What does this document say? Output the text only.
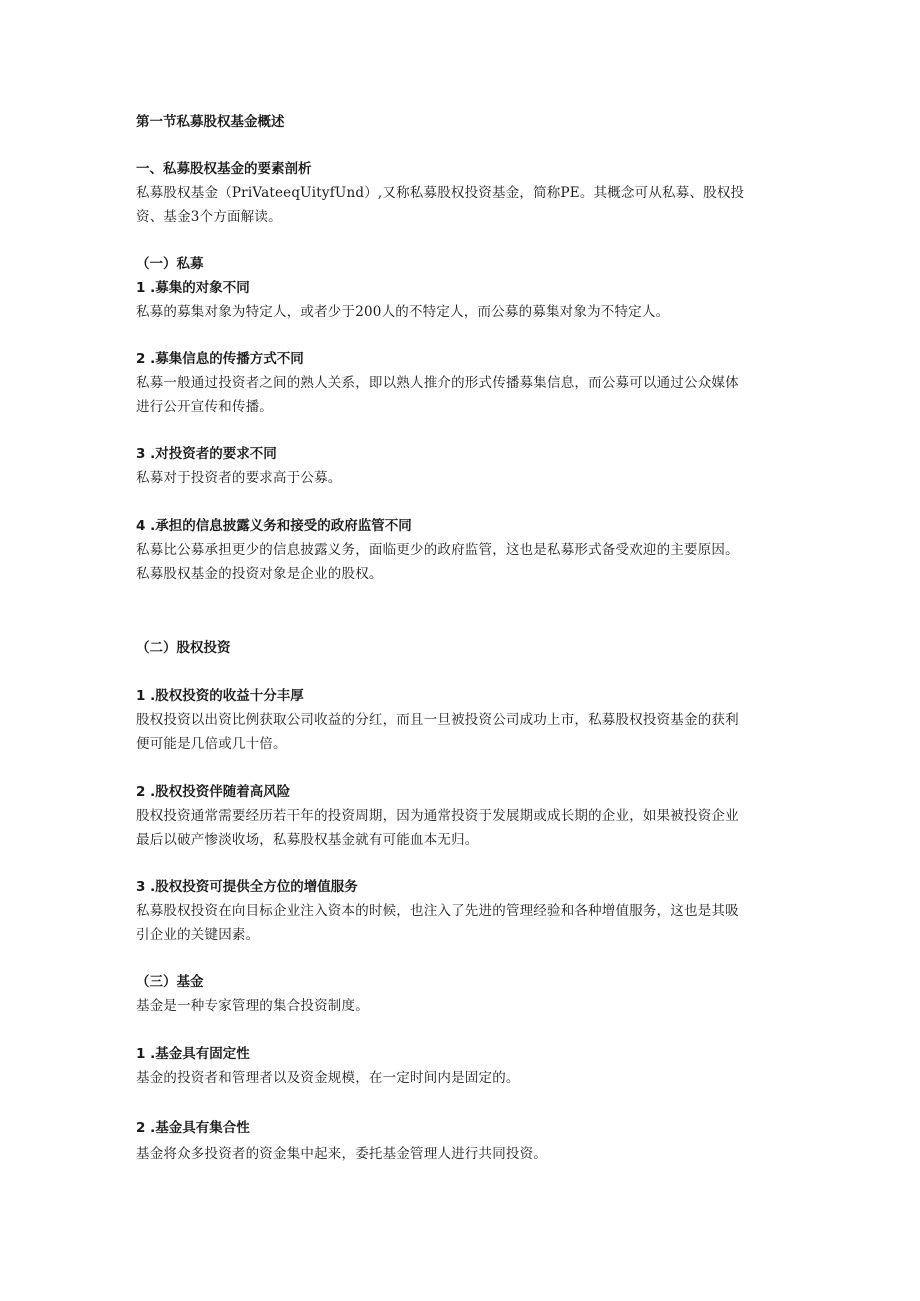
第一节私募股权基金概述
一、私募股权基金的要素剖析
私募股权基金（PriVateeqUityfUnd）,又称私募股权投资基金，简称PE。其概念可从私募、股权投
资、基金3个方面解读。
（一）私募
1 .募集的对象不同
私募的募集对象为特定人，或者少于200人的不特定人，而公募的募集对象为不特定人。
2 .募集信息的传播方式不同
私募一般通过投资者之间的熟人关系，即以熟人推介的形式传播募集信息，而公募可以通过公众媒体
进行公开宣传和传播。
3 .对投资者的要求不同
私募对于投资者的要求高于公募。
4 .承担的信息披露义务和接受的政府监管不同
私募比公募承担更少的信息披露义务，面临更少的政府监管，这也是私募形式备受欢迎的主要原因。
私募股权基金的投资对象是企业的股权。
（二）股权投资
1 .股权投资的收益十分丰厚
股权投资以出资比例获取公司收益的分红，而且一旦被投资公司成功上市，私募股权投资基金的获利
便可能是几倍或几十倍。
2 .股权投资伴随着高风险
股权投资通常需要经历若干年的投资周期，因为通常投资于发展期或成长期的企业，如果被投资企业
最后以破产惨淡收场，私募股权基金就有可能血本无归。
3 .股权投资可提供全方位的增值服务
私募股权投资在向目标企业注入资本的时候，也注入了先进的管理经验和各种增值服务，这也是其吸
引企业的关键因素。
（三）基金
基金是一种专家管理的集合投资制度。
1 .基金具有固定性
基金的投资者和管理者以及资金规模，在一定时间内是固定的。
2 .基金具有集合性
基金将众多投资者的资金集中起来，委托基金管理人进行共同投资。
